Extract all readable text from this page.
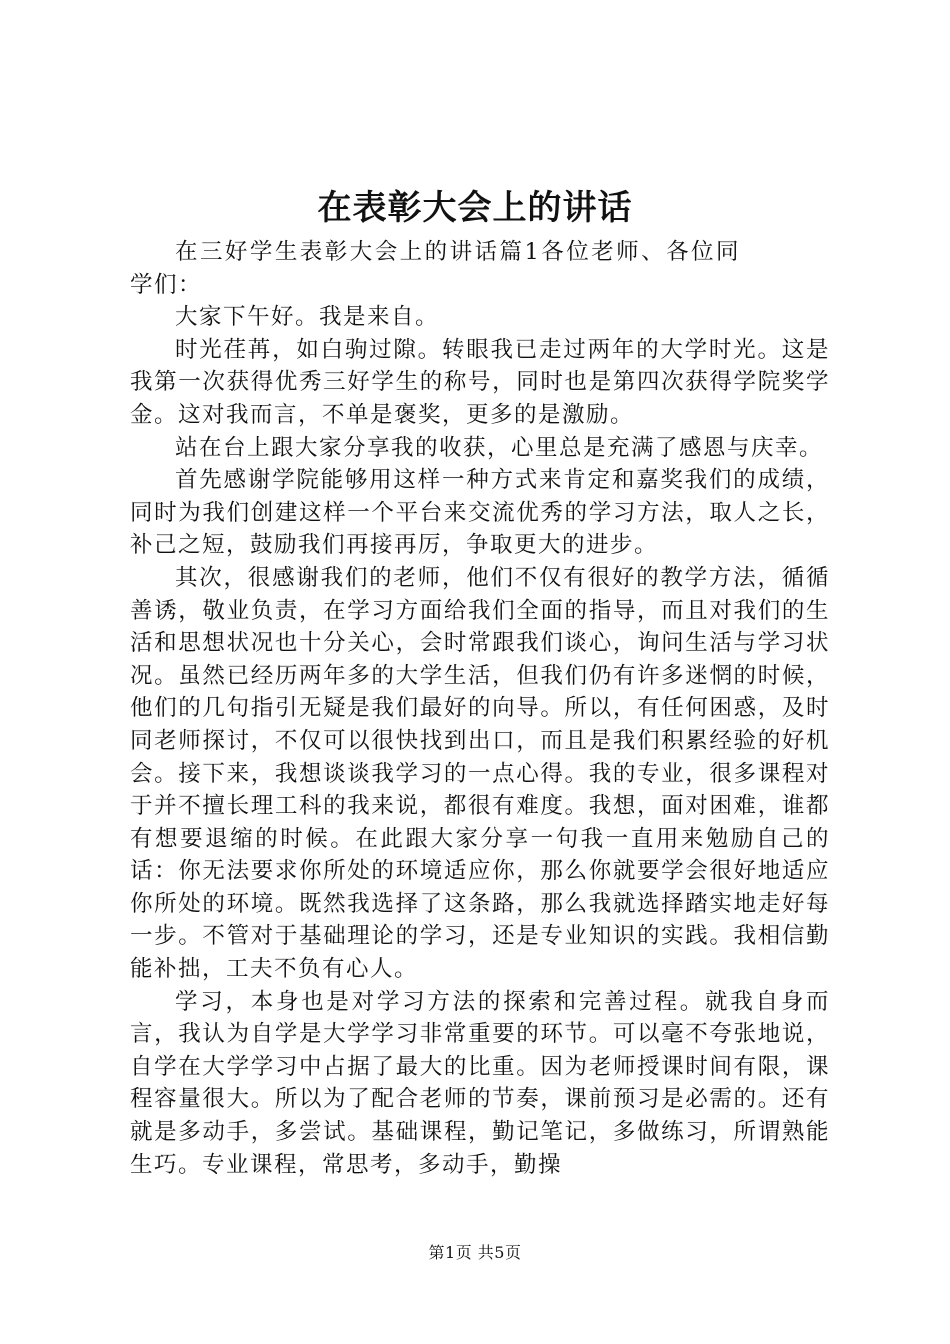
在表彰大会上的讲话

在三好学生表彰大会上的讲话篇1各位老师、各位同学们：

大家下午好。我是来自。

时光荏苒，如白驹过隙。转眼我已走过两年的大学时光。这是我第一次获得优秀三好学生的称号，同时也是第四次获得学院奖学金。这对我而言，不单是褒奖，更多的是激励。

站在台上跟大家分享我的收获，心里总是充满了感恩与庆幸。

首先感谢学院能够用这样一种方式来肯定和嘉奖我们的成绩，同时为我们创建这样一个平台来交流优秀的学习方法，取人之长，补己之短，鼓励我们再接再厉，争取更大的进步。

其次，很感谢我们的老师，他们不仅有很好的教学方法，循循善诱，敬业负责，在学习方面给我们全面的指导，而且对我们的生活和思想状况也十分关心，会时常跟我们谈心，询问生活与学习状况。虽然已经历两年多的大学生活，但我们仍有许多迷惘的时候，他们的几句指引无疑是我们最好的向导。所以，有任何困惑，及时同老师探讨，不仅可以很快找到出口，而且是我们积累经验的好机会。接下来，我想谈谈我学习的一点心得。我的专业，很多课程对于并不擅长理工科的我来说，都很有难度。我想，面对困难，谁都有想要退缩的时候。在此跟大家分享一句我一直用来勉励自己的话：你无法要求你所处的环境适应你，那么你就要学会很好地适应你所处的环境。既然我选择了这条路，那么我就选择踏实地走好每一步。不管对于基础理论的学习，还是专业知识的实践。我相信勤能补拙，工夫不负有心人。

学习，本身也是对学习方法的探索和完善过程。就我自身而言，我认为自学是大学学习非常重要的环节。可以毫不夸张地说，自学在大学学习中占据了最大的比重。因为老师授课时间有限，课程容量很大。所以为了配合老师的节奏，课前预习是必需的。还有就是多动手，多尝试。基础课程，勤记笔记，多做练习，所谓熟能生巧。专业课程，常思考，多动手，勤操

第1页 共5页
